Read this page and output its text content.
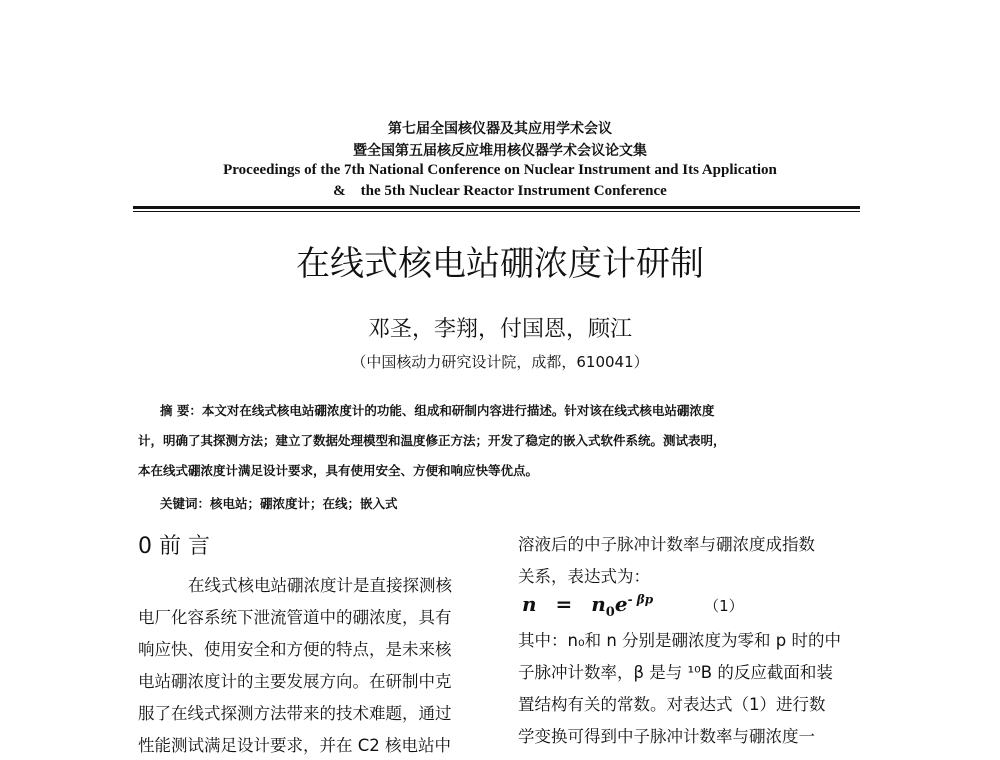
第七届全国核仪器及其应用学术会议
暨全国第五届核反应堆用核仪器学术会议论文集
Proceedings of the 7th National Conference on Nuclear Instrument and Its Application
&    the 5th Nuclear Reactor Instrument Conference
在线式核电站硼浓度计研制
邓圣，李翔，付国恩，顾江
（中国核动力研究设计院，成都，610041）
摘 要：本文对在线式核电站硼浓度计的功能、组成和研制内容进行描述。针对该在线式核电站硼浓度
计，明确了其探测方法；建立了数据处理模型和温度修正方法；开发了稳定的嵌入式软件系统。测试表明，
本在线式硼浓度计满足设计要求，具有使用安全、方便和响应快等优点。
关键词：核电站；硼浓度计；在线；嵌入式
0 前 言
在线式核电站硼浓度计是直接探测核
电厂化容系统下泄流管道中的硼浓度，具有
响应快、使用安全和方便的特点，是未来核
电站硼浓度计的主要发展方向。在研制中克
服了在线式探测方法带来的技术难题，通过
性能测试满足设计要求，并在 C2 核电站中
溶液后的中子脉冲计数率与硼浓度成指数
关系，表达式为：
$n = n_0e^{- \beta p}$	（1）
其中：n₀和 n 分别是硼浓度为零和 p 时的中
子脉冲计数率，β 是与 ¹⁰B 的反应截面和装
置结构有关的常数。对表达式（1）进行数
学变换可得到中子脉冲计数率与硼浓度一
